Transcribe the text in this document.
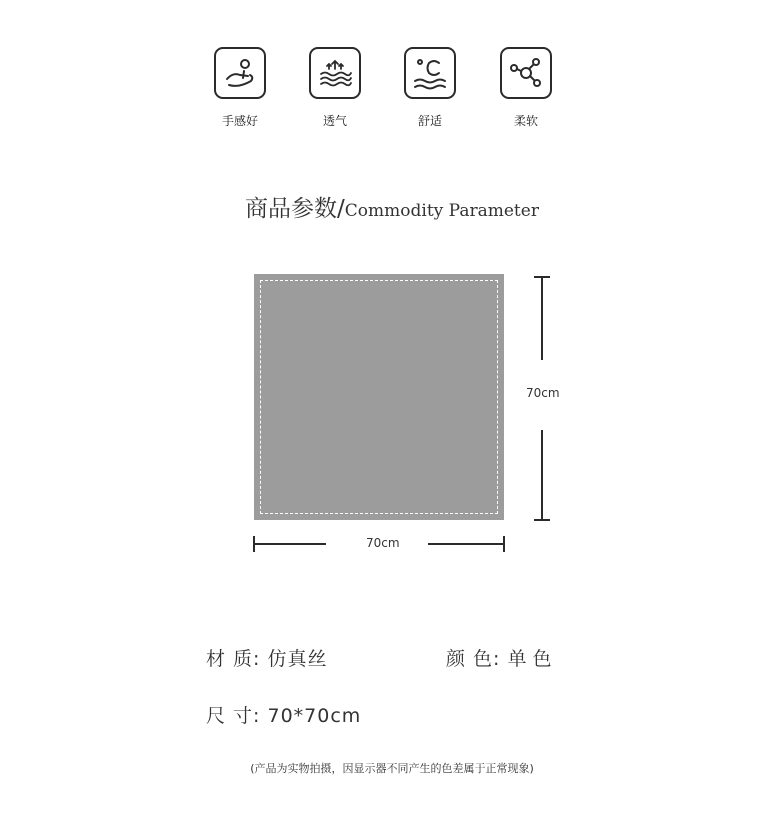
手感好	透气	舒适	柔软
商品参数/Commodity Parameter
70cm
70cm
材 质: 仿真丝	颜 色: 单色
尺 寸: 70*70cm
(产品为实物拍摄，因显示器不同产生的色差属于正常现象)
